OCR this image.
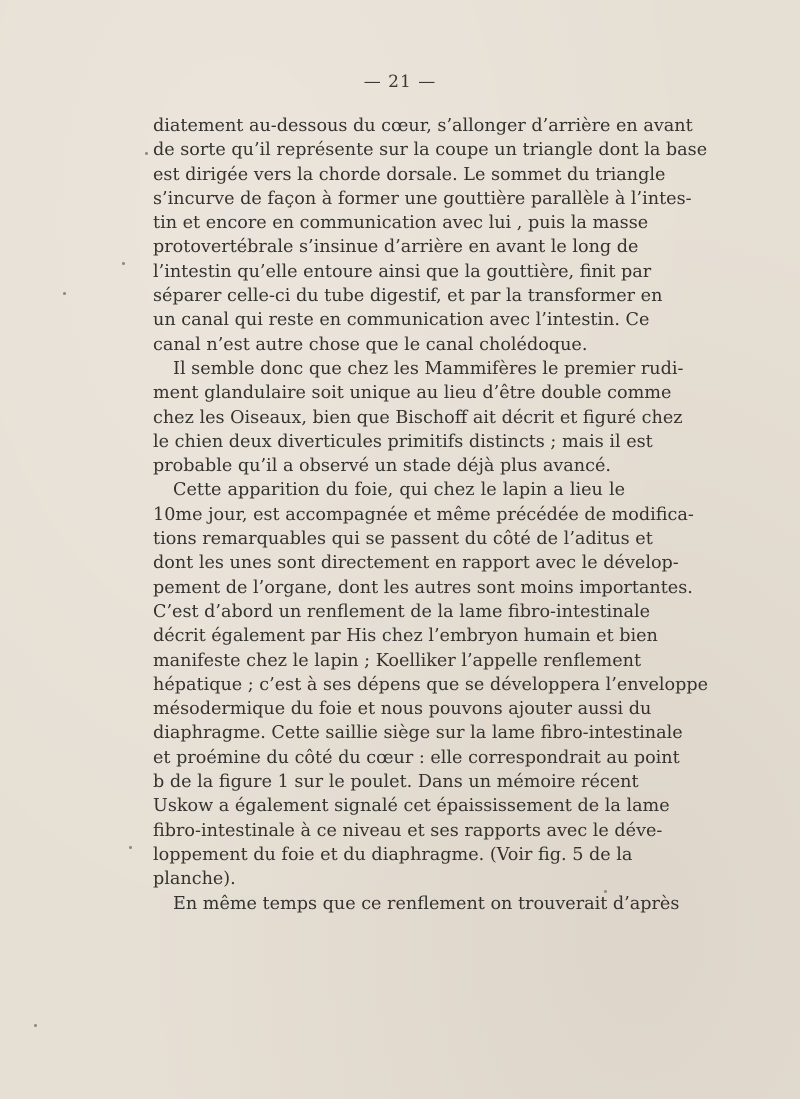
— 21 —
diatement au-dessous du cœur, s’allonger d’arrière en avant
de sorte qu’il représente sur la coupe un triangle dont la base
est dirigée vers la chorde dorsale. Le sommet du triangle
s’incurve de façon à former une gouttière parallèle à l’intes-
tin et encore en communication avec lui , puis la masse
protovertébrale s’insinue d’arrière en avant le long de
l’intestin qu’elle entoure ainsi que la gouttière, finit par
séparer celle-ci du tube digestif, et par la transformer en
un canal qui reste en communication avec l’intestin. Ce
canal n’est autre chose que le canal cholédoque.
Il semble donc que chez les Mammifères le premier rudi-
ment glandulaire soit unique au lieu d’être double comme
chez les Oiseaux, bien que Bischoff ait décrit et figuré chez
le chien deux diverticules primitifs distincts ; mais il est
probable qu’il a observé un stade déjà plus avancé.
Cette apparition du foie, qui chez le lapin a lieu le
10me jour, est accompagnée et même précédée de modifica-
tions remarquables qui se passent du côté de l’aditus et
dont les unes sont directement en rapport avec le dévelop-
pement de l’organe, dont les autres sont moins importantes.
C’est d’abord un renflement de la lame fibro-intestinale
décrit également par His chez l’embryon humain et bien
manifeste chez le lapin ; Koelliker l’appelle renflement
hépatique ; c’est à ses dépens que se développera l’enveloppe
mésodermique du foie et nous pouvons ajouter aussi du
diaphragme. Cette saillie siège sur la lame fibro-intestinale
et proémine du côté du cœur : elle correspondrait au point
b de la figure 1 sur le poulet. Dans un mémoire récent
Uskow a également signalé cet épaississement de la lame
fibro-intestinale à ce niveau et ses rapports avec le déve-
loppement du foie et du diaphragme. (Voir fig. 5 de la
planche).
En même temps que ce renflement on trouverait d’après
